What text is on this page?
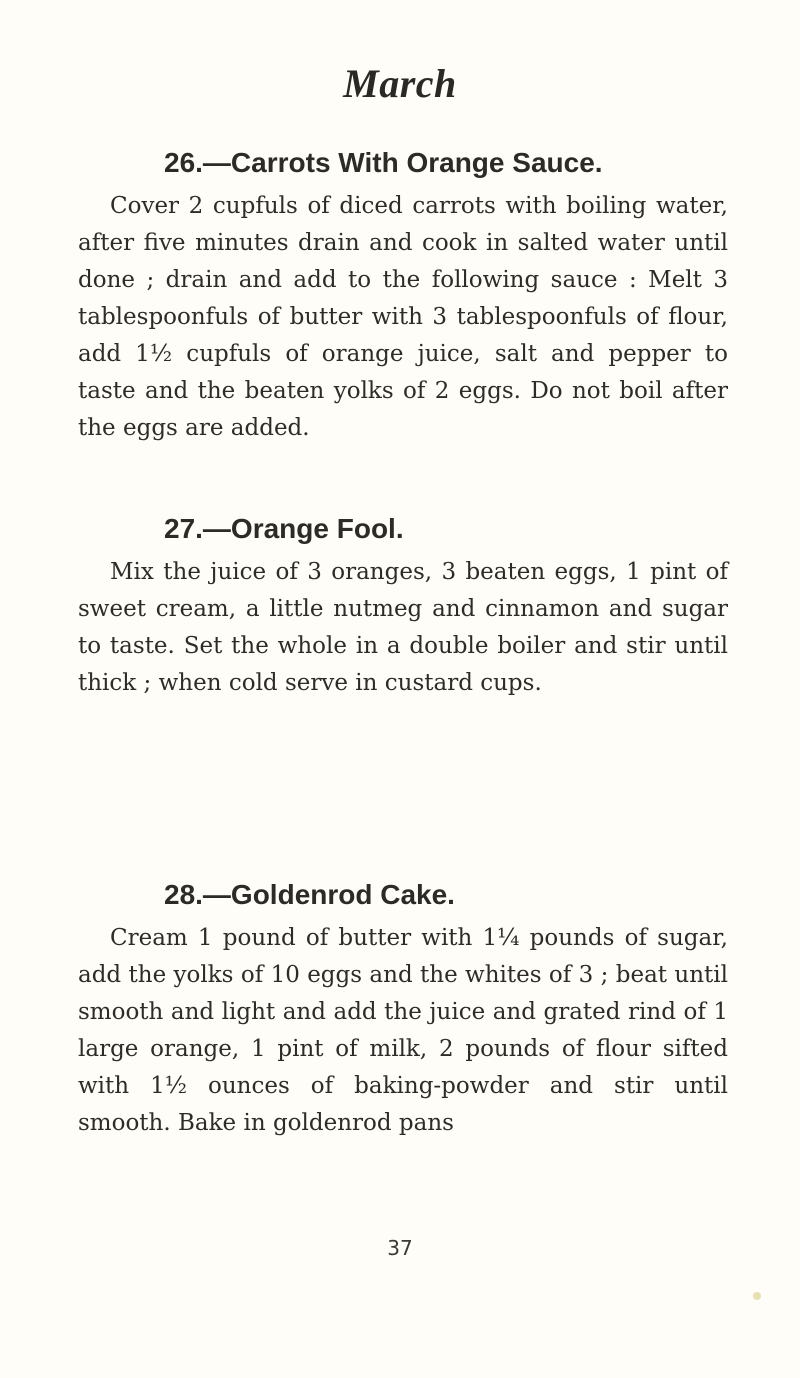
March
26.—Carrots With Orange Sauce.

Cover 2 cupfuls of diced carrots with boiling water, after five minutes drain and cook in salted water until done ; drain and add to the following sauce : Melt 3 tablespoonfuls of butter with 3 tablespoonfuls of flour, add 1½ cupfuls of orange juice, salt and pepper to taste and the beaten yolks of 2 eggs. Do not boil after the eggs are added.

27.—Orange Fool.

Mix the juice of 3 oranges, 3 beaten eggs, 1 pint of sweet cream, a little nutmeg and cinnamon and sugar to taste. Set the whole in a double boiler and stir until thick ; when cold serve in custard cups.

28.—Goldenrod Cake.

Cream 1 pound of butter with 1¼ pounds of sugar, add the yolks of 10 eggs and the whites of 3 ; beat until smooth and light and add the juice and grated rind of 1 large orange, 1 pint of milk, 2 pounds of flour sifted with 1½ ounces of baking-powder and stir until smooth. Bake in goldenrod pans

37
